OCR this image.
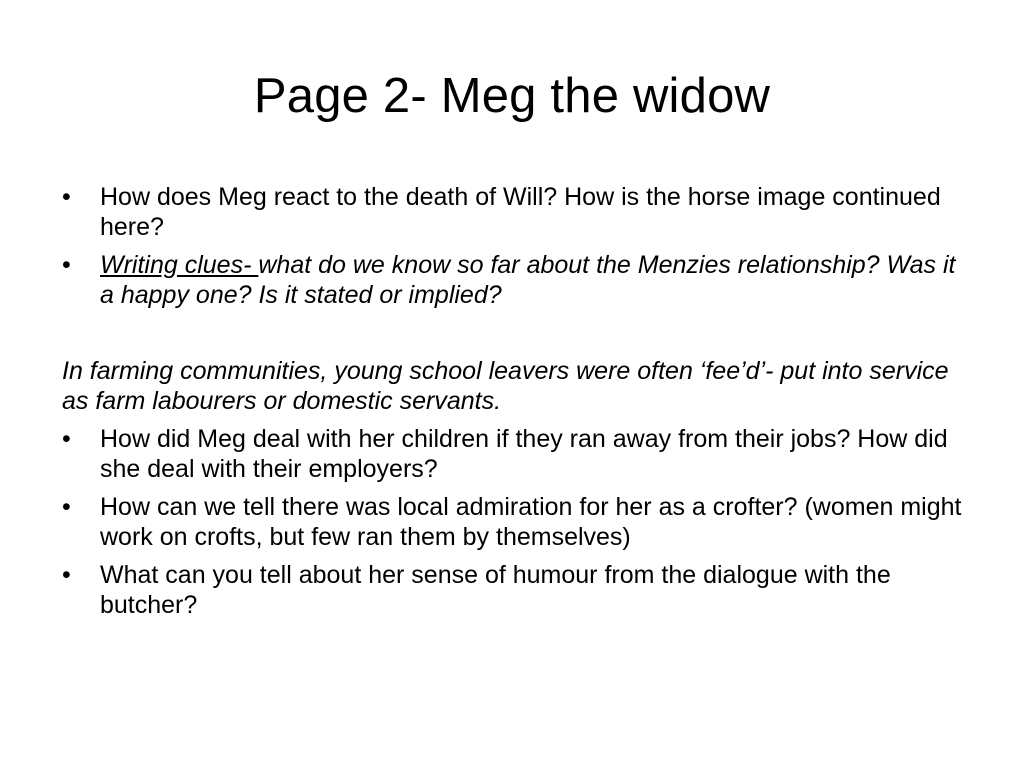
Page 2- Meg the widow
•	How does Meg react to the death of Will? How is the horse image continued here?
•	Writing clues- what do we know so far about the Menzies relationship? Was it a happy one? Is it stated or implied?
In farming communities, young school leavers were often ‘fee’d’- put into service as farm labourers or domestic servants.
•	How did Meg deal with her children if they ran away from their jobs? How did she deal with their employers?
•	How can we tell there was local admiration for her as a crofter? (women might work on crofts, but few ran them by themselves)
•	What can you tell about her sense of humour from the dialogue with the butcher?
